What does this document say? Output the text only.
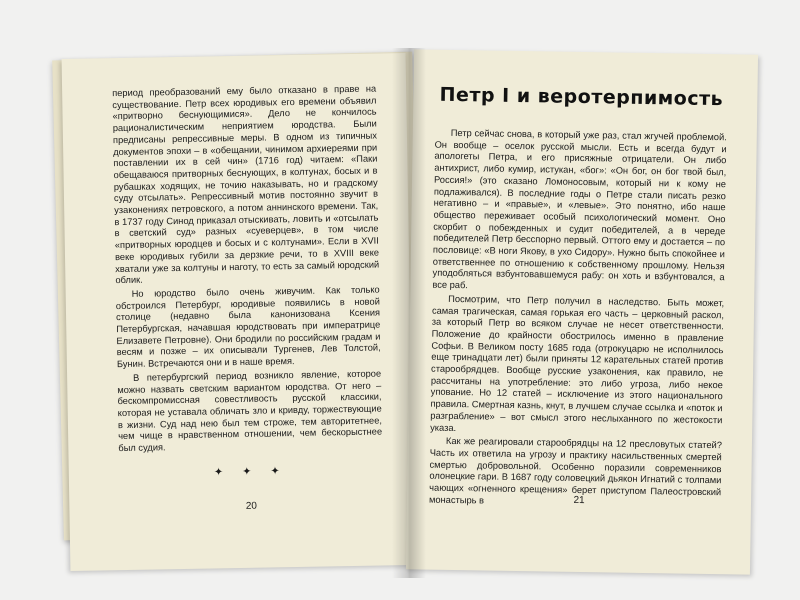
период преобразований ему было отказано в праве на существование. Петр всех юродивых его времени объявил «притворно беснующимися». Дело не кончилось рационалистическим неприятием юродства. Были предписаны репрессивные меры. В одном из типичных документов эпохи – в «обещании, чинимом архиереями при поставлении их в сей чин» (1716 год) читаем: «Паки обещаваюся притворных беснующих, в колтунах, босых и в рубашках ходящих, не точию наказывать, но и градскому суду отсылать». Репрессивный мотив постоянно звучит в узаконениях петровского, а потом аннинского времени. Так, в 1737 году Синод приказал отыскивать, ловить и «отсылать в светский суд» разных «суеверцев», в том числе «притворных юродцев и босых и с колтунами». Если в XVII веке юродивых губили за дерзкие речи, то в XVIII веке хватали уже за колтуны и наготу, то есть за самый юродский облик.

Но юродство было очень живучим. Как только обстроился Петербург, юродивые появились в новой столице (недавно была канонизована Ксения Петербургская, начавшая юродствовать при императрице Елизавете Петровне). Они бродили по российским градам и весям и позже – их описывали Тургенев, Лев Толстой, Бунин. Встречаются они и в наше время.

В петербургский период возникло явление, которое можно назвать светским вариантом юродства. От него – бескомпромиссная совестливость русской классики, которая не уставала обличать зло и кривду, торжествующие в жизни. Суд над нею был тем строже, тем авторитетнее, чем чище в нравственном отношении, чем бескорыстнее был судия.

✦ ✦ ✦
20
Петр I и веротерпимость

Петр сейчас снова, в который уже раз, стал жгучей проблемой. Он вообще – оселок русской мысли. Есть и всегда будут и апологеты Петра, и его присяжные отрицатели. Он либо антихрист, либо кумир, истукан, «бог»: «Он бог, он бог твой был, Россия!» (это сказано Ломоносовым, который ни к кому не подлаживался). В последние годы о Петре стали писать резко негативно – и «правые», и «левые». Это понятно, ибо наше общество переживает особый психологический момент. Оно скорбит о побежденных и судит победителей, а в череде победителей Петр бесспорно первый. Оттого ему и достается – по пословице: «В ноги Якову, в ухо Сидору». Нужно быть спокойнее и ответственнее по отношению к собственному прошлому. Нельзя уподобляться взбунтовавшемуся рабу: он хоть и взбунтовался, а все раб.

Посмотрим, что Петр получил в наследство. Быть может, самая трагическая, самая горькая его часть – церковный раскол, за который Петр во всяком случае не несет ответственности. Положение до крайности обострилось именно в правление Софьи. В Великом посту 1685 года (отрокуцарю не исполнилось еще тринадцати лет) были приняты 12 карательных статей против старообрядцев. Вообще русские узаконения, как правило, не рассчитаны на употребление: это либо угроза, либо некое упование. Но 12 статей – исключение из этого национального правила. Смертная казнь, кнут, в лучшем случае ссылка и «поток и разграбление» – вот смысл этого неслыханного по жестокости указа.

Как же реагировали старообрядцы на 12 пресловутых статей? Часть их ответила на угрозу и практику насильственных смертей смертью добровольной. Особенно поразили современников олонецкие гари. В 1687 году соловецкий дьякон Игнатий с толпами чающих «огненного крещения» берет приступом Палеостровский монастырь в	21
